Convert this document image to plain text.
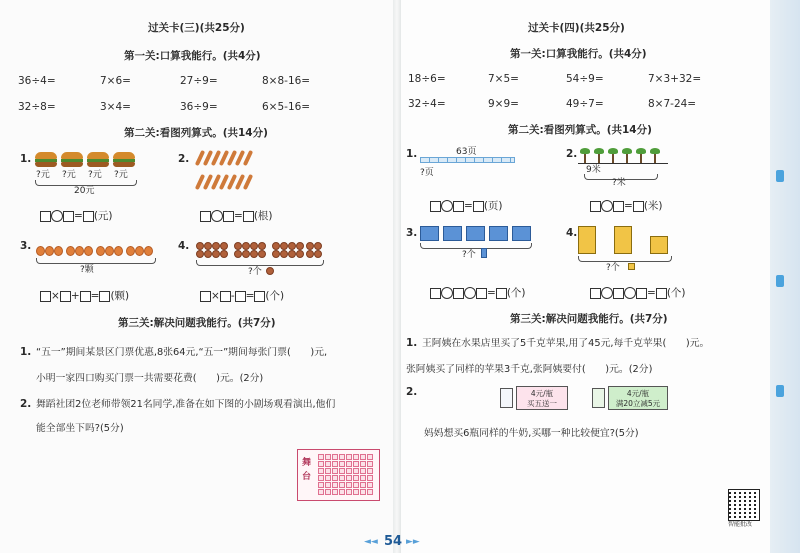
过关卡(三)(共25分)
第一关:口算我能行。(共4分)
36÷4=	7×6=	27÷9=	8×8-16=
32÷8=	3×4=	36÷9=	6×5-16=
第二关:看图列算式。(共14分)
1.
?元 ?元 ?元 ?元
20元
= (元)
2.
= (根)
3.
?颗
× + = (颗)
4.
?个
× - = (个)
第三关:解决问题我能行。(共7分)
1. “五一”期间某景区门票优惠,8张64元,“五一”期间每张门票(　　)元,
小明一家四口购买门票一共需要花费(　　)元。(2分)
2. 舞蹈社团2位老师带领21名同学,准备在如下图的小剧场观看演出,他们
能全部坐下吗?(5分)
舞台
过关卡(四)(共25分)
第一关:口算我能行。(共4分)
18÷6=	7×5=	54÷9=	7×3+32=
32÷4=	9×9=	49÷7=	8×7-24=
第二关:看图列算式。(共14分)
1.	63页
?页
= (页)
2.
9米
?米
= (米)
3.
?个
= (个)
4.
?个
= (个)
第三关:解决问题我能行。(共7分)
1. 王阿姨在水果店里买了5千克苹果,用了45元,每千克苹果(　　)元。
张阿姨买了同样的苹果3千克,张阿姨要付(　　)元。(2分)
2.	4元/瓶
买五送一
4元/瓶
满20立减5元
妈妈想买6瓶同样的牛奶,买哪一种比较便宜?(5分)
智能批改
◄◄ 54 ►►
